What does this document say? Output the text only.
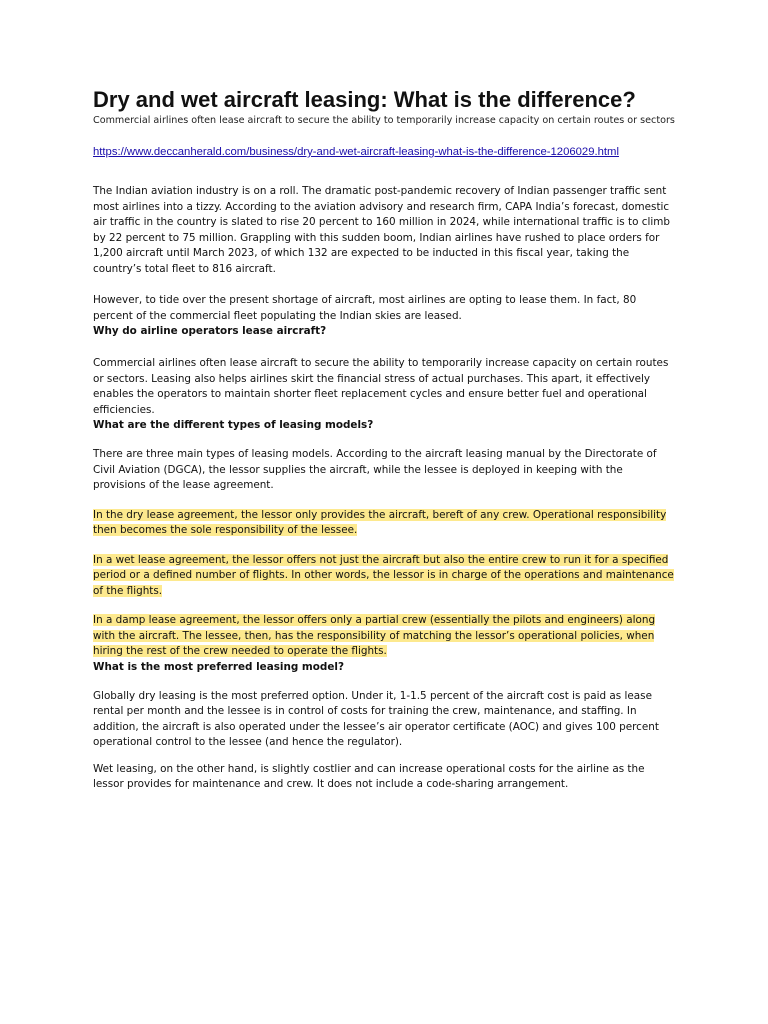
Dry and wet aircraft leasing: What is the difference?

Commercial airlines often lease aircraft to secure the ability to temporarily increase capacity on certain routes or sectors

https://www.deccanherald.com/business/dry-and-wet-aircraft-leasing-what-is-the-difference-1206029.html

The Indian aviation industry is on a roll. The dramatic post-pandemic recovery of Indian passenger traffic sent most airlines into a tizzy. According to the aviation advisory and research firm, CAPA India’s forecast, domestic air traffic in the country is slated to rise 20 percent to 160 million in 2024, while international traffic is to climb by 22 percent to 75 million. Grappling with this sudden boom, Indian airlines have rushed to place orders for 1,200 aircraft until March 2023, of which 132 are expected to be inducted in this fiscal year, taking the country’s total fleet to 816 aircraft.

However, to tide over the present shortage of aircraft, most airlines are opting to lease them. In fact, 80 percent of the commercial fleet populating the Indian skies are leased.

Why do airline operators lease aircraft?

Commercial airlines often lease aircraft to secure the ability to temporarily increase capacity on certain routes or sectors. Leasing also helps airlines skirt the financial stress of actual purchases. This apart, it effectively enables the operators to maintain shorter fleet replacement cycles and ensure better fuel and operational efficiencies.

What are the different types of leasing models?

There are three main types of leasing models. According to the aircraft leasing manual by the Directorate of Civil Aviation (DGCA), the lessor supplies the aircraft, while the lessee is deployed in keeping with the provisions of the lease agreement.

In the dry lease agreement, the lessor only provides the aircraft, bereft of any crew. Operational responsibility then becomes the sole responsibility of the lessee.

In a wet lease agreement, the lessor offers not just the aircraft but also the entire crew to run it for a specified period or a defined number of flights. In other words, the lessor is in charge of the operations and maintenance of the flights.

In a damp lease agreement, the lessor offers only a partial crew (essentially the pilots and engineers) along with the aircraft. The lessee, then, has the responsibility of matching the lessor’s operational policies, when hiring the rest of the crew needed to operate the flights.

What is the most preferred leasing model?

Globally dry leasing is the most preferred option. Under it, 1-1.5 percent of the aircraft cost is paid as lease rental per month and the lessee is in control of costs for training the crew, maintenance, and staffing. In addition, the aircraft is also operated under the lessee’s air operator certificate (AOC) and gives 100 percent operational control to the lessee (and hence the regulator).

Wet leasing, on the other hand, is slightly costlier and can increase operational costs for the airline as the lessor provides for maintenance and crew. It does not include a code-sharing arrangement.
